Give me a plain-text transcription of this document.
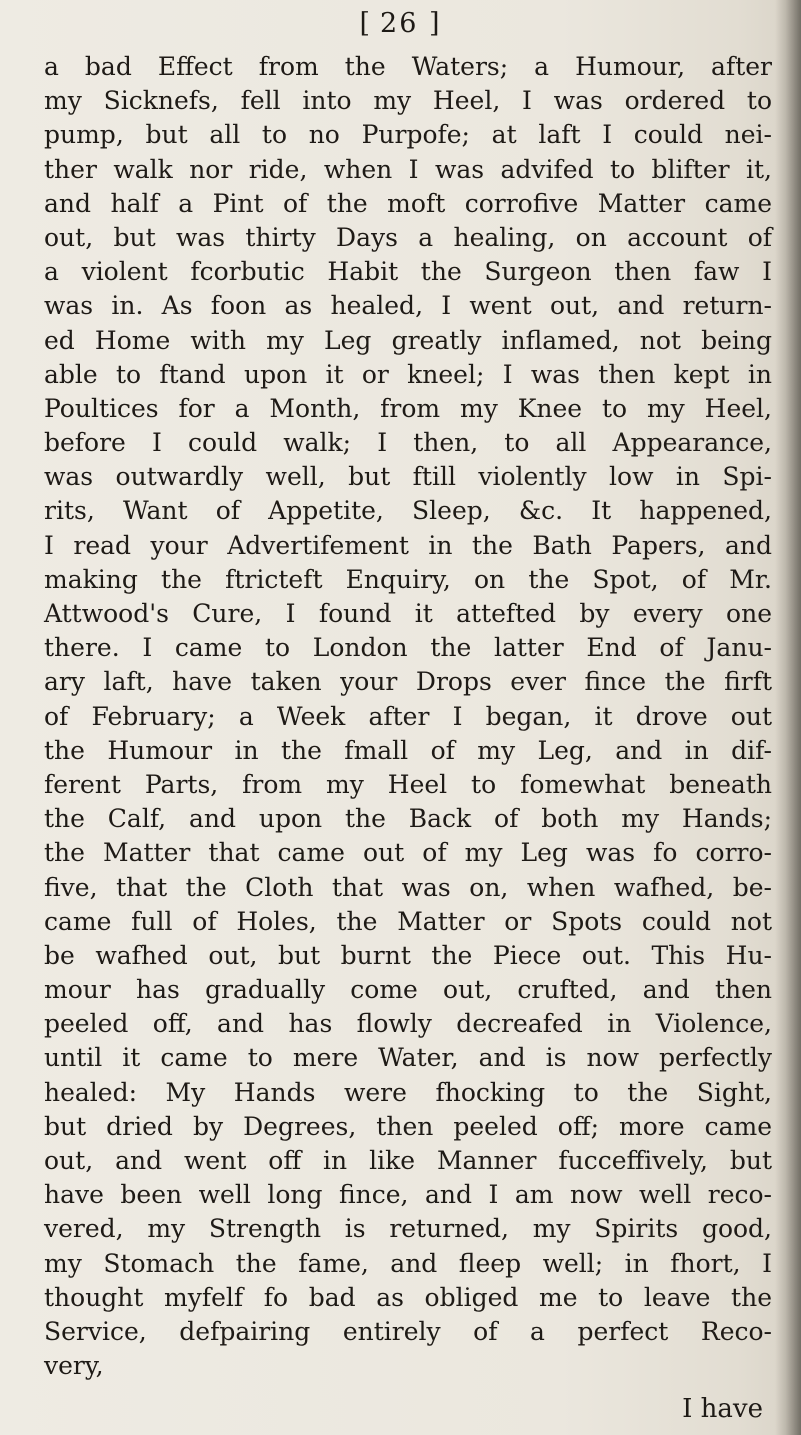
[ 26 ]
a bad Effect from the Waters; a Humour, after
my Sicknefs, fell into my Heel, I was ordered to
pump, but all to no Purpofe; at laft I could nei-
ther walk nor ride, when I was advifed to blifter it,
and half a Pint of the moft corrofive Matter came
out, but was thirty Days a healing, on account of
a violent fcorbutic Habit the Surgeon then faw I
was in. As foon as healed, I went out, and return-
ed Home with my Leg greatly inflamed, not being
able to ftand upon it or kneel; I was then kept in
Poultices for a Month, from my Knee to my Heel,
before I could walk; I then, to all Appearance,
was outwardly well, but ftill violently low in Spi-
rits, Want of Appetite, Sleep, &c. It happened,
I read your Advertifement in the Bath Papers, and
making the ftricteft Enquiry, on the Spot, of Mr.
Attwood's Cure, I found it attefted by every one
there. I came to London the latter End of Janu-
ary laft, have taken your Drops ever fince the firft
of February; a Week after I began, it drove out
the Humour in the fmall of my Leg, and in dif-
ferent Parts, from my Heel to fomewhat beneath
the Calf, and upon the Back of both my Hands;
the Matter that came out of my Leg was fo corro-
five, that the Cloth that was on, when wafhed, be-
came full of Holes, the Matter or Spots could not
be wafhed out, but burnt the Piece out. This Hu-
mour has gradually come out, crufted, and then
peeled off, and has flowly decreafed in Violence,
until it came to mere Water, and is now perfectly
healed: My Hands were fhocking to the Sight,
but dried by Degrees, then peeled off; more came
out, and went off in like Manner fucceffively, but
have been well long fince, and I am now well reco-
vered, my Strength is returned, my Spirits good,
my Stomach the fame, and fleep well; in fhort, I
thought myfelf fo bad as obliged me to leave the
Service, defpairing entirely of a perfect Reco-
very,
I have
